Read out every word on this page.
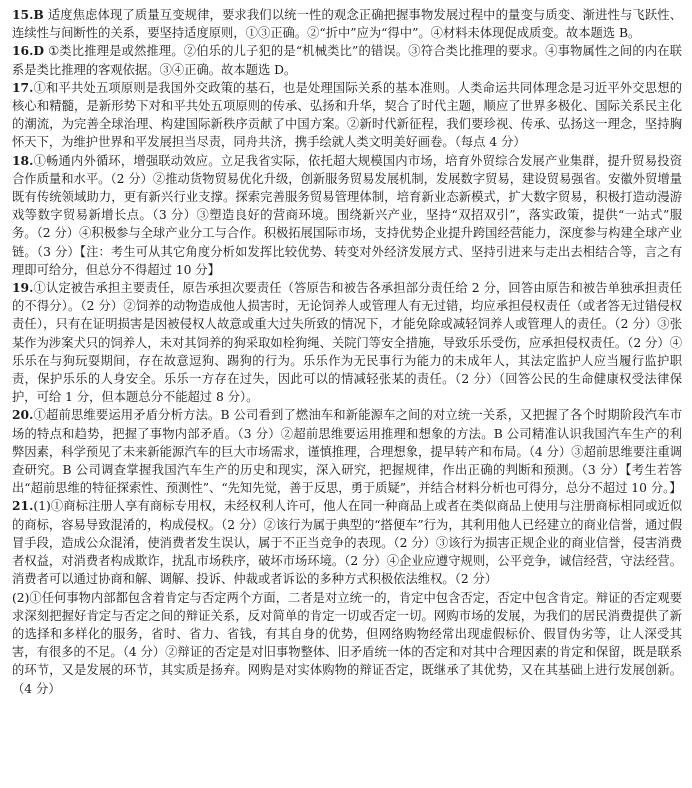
15.B 适度焦虑体现了质量互变规律，要求我们以统一性的观念正确把握事物发展过程中的量变与质变、渐进性与飞跃性、连续性与间断性的关系，要坚持适度原则，①③正确。②“折中”应为“得中”。④材料未体现促成质变。故本题选 B。

16.D ①类比推理是或然推理。②伯乐的儿子犯的是“机械类比”的错误。③符合类比推理的要求。④事物属性之间的内在联系是类比推理的客观依据。③④正确。故本题选 D。

17.①和平共处五项原则是我国外交政策的基石，也是处理国际关系的基本准则。人类命运共同体理念是习近平外交思想的核心和精髓，是新形势下对和平共处五项原则的传承、弘扬和升华，契合了时代主题，顺应了世界多极化、国际关系民主化的潮流，为完善全球治理、构建国际新秩序贡献了中国方案。②新时代新征程，我们要珍视、传承、弘扬这一理念，坚持胸怀天下，为维护世界和平发展担当尽责，同舟共济，携手绘就人类文明美好画卷。（每点 4 分）

18.①畅通内外循环，增强联动效应。立足我省实际，依托超大规模国内市场，培育外贸综合发展产业集群，提升贸易投资合作质量和水平。（2 分）②推动货物贸易优化升级，创新服务贸易发展机制，发展数字贸易，建设贸易强省。安徽外贸增量既有传统领域助力，更有新兴行业支撑。探索完善服务贸易管理体制，培育新业态新模式，扩大数字贸易，积极打造动漫游戏等数字贸易新增长点。（3 分）③塑造良好的营商环境。围绕新兴产业，坚持“双招双引”，落实政策，提供“一站式”服务。（2 分）④积极参与全球产业分工与合作。积极拓展国际市场，支持优势企业提升跨国经营能力，深度参与构建全球产业链。（3 分）【注：考生可从其它角度分析如发挥比较优势、转变对外经济发展方式、坚持引进来与走出去相结合等，言之有理即可给分，但总分不得超过 10 分】

19.①认定被告承担主要责任，原告承担次要责任（答原告和被告各承担部分责任给 2 分，回答由原告和被告单独承担责任的不得分）。（2 分）②饲养的动物造成他人损害时，无论饲养人或管理人有无过错，均应承担侵权责任（或者答无过错侵权责任），只有在证明损害是因被侵权人故意或重大过失所致的情况下，才能免除或减轻饲养人或管理人的责任。（2 分）③张某作为涉案犬只的饲养人，未对其饲养的狗采取如栓狗绳、关院门等安全措施，导致乐乐受伤，应承担侵权责任。（2 分）④乐乐在与狗玩耍期间，存在故意逗狗、踢狗的行为。乐乐作为无民事行为能力的未成年人，其法定监护人应当履行监护职责，保护乐乐的人身安全。乐乐一方存在过失，因此可以的情减轻张某的责任。（2 分）（回答公民的生命健康权受法律保护，可给 1 分，但本题总分不能超过 8 分）。

20.①超前思维要运用矛盾分析方法。B 公司看到了燃油车和新能源车之间的对立统一关系，又把握了各个时期阶段汽车市场的特点和趋势，把握了事物内部矛盾。（3 分）②超前思维要运用推理和想象的方法。B 公司精准认识我国汽车生产的利弊因素，科学预见了未来新能源汽车的巨大市场需求，谨慎推理，合理想象，提早转产和布局。（4 分）③超前思维要注重调查研究。B 公司调查掌握我国汽车生产的历史和现实，深入研究，把握规律，作出正确的判断和预测。（3 分）【考生若答出“超前思维的特征探索性、预测性”、“先知先觉，善于反思，勇于质疑”，并结合材料分析也可得分，总分不超过 10 分。】

21.(1)①商标注册人享有商标专用权，未经权利人许可，他人在同一种商品上或者在类似商品上使用与注册商标相同或近似的商标，容易导致混淆的，构成侵权。（2 分）②该行为属于典型的“搭便车”行为，其利用他人已经建立的商业信誉，通过假冒手段，造成公众混淆，使消费者发生误认，属于不正当竞争的表现。（2 分）③该行为损害正规企业的商业信誉，侵害消费者权益，对消费者构成欺诈，扰乱市场秩序，破坏市场环境。（2 分）④企业应遵守规则，公平竞争，诚信经营，守法经营。消费者可以通过协商和解、调解、投诉、仲裁或者诉讼的多种方式积极依法维权。（2 分）

(2)①任何事物内部都包含着肯定与否定两个方面，二者是对立统一的，肯定中包含否定，否定中包含肯定。辩证的否定观要求深刻把握好肯定与否定之间的辩证关系，反对简单的肯定一切或否定一切。网购市场的发展，为我们的居民消费提供了新的选择和多样化的服务，省时、省力、省钱，有其自身的优势，但网络购物经常出现虚假标价、假冒伪劣等，让人深受其害，有很多的不足。（4 分）②辩证的否定是对旧事物整体、旧矛盾统一体的否定和对其中合理因素的肯定和保留，既是联系的环节，又是发展的环节，其实质是扬弃。网购是对实体购物的辩证否定，既继承了其优势，又在其基础上进行发展创新。（4 分）
